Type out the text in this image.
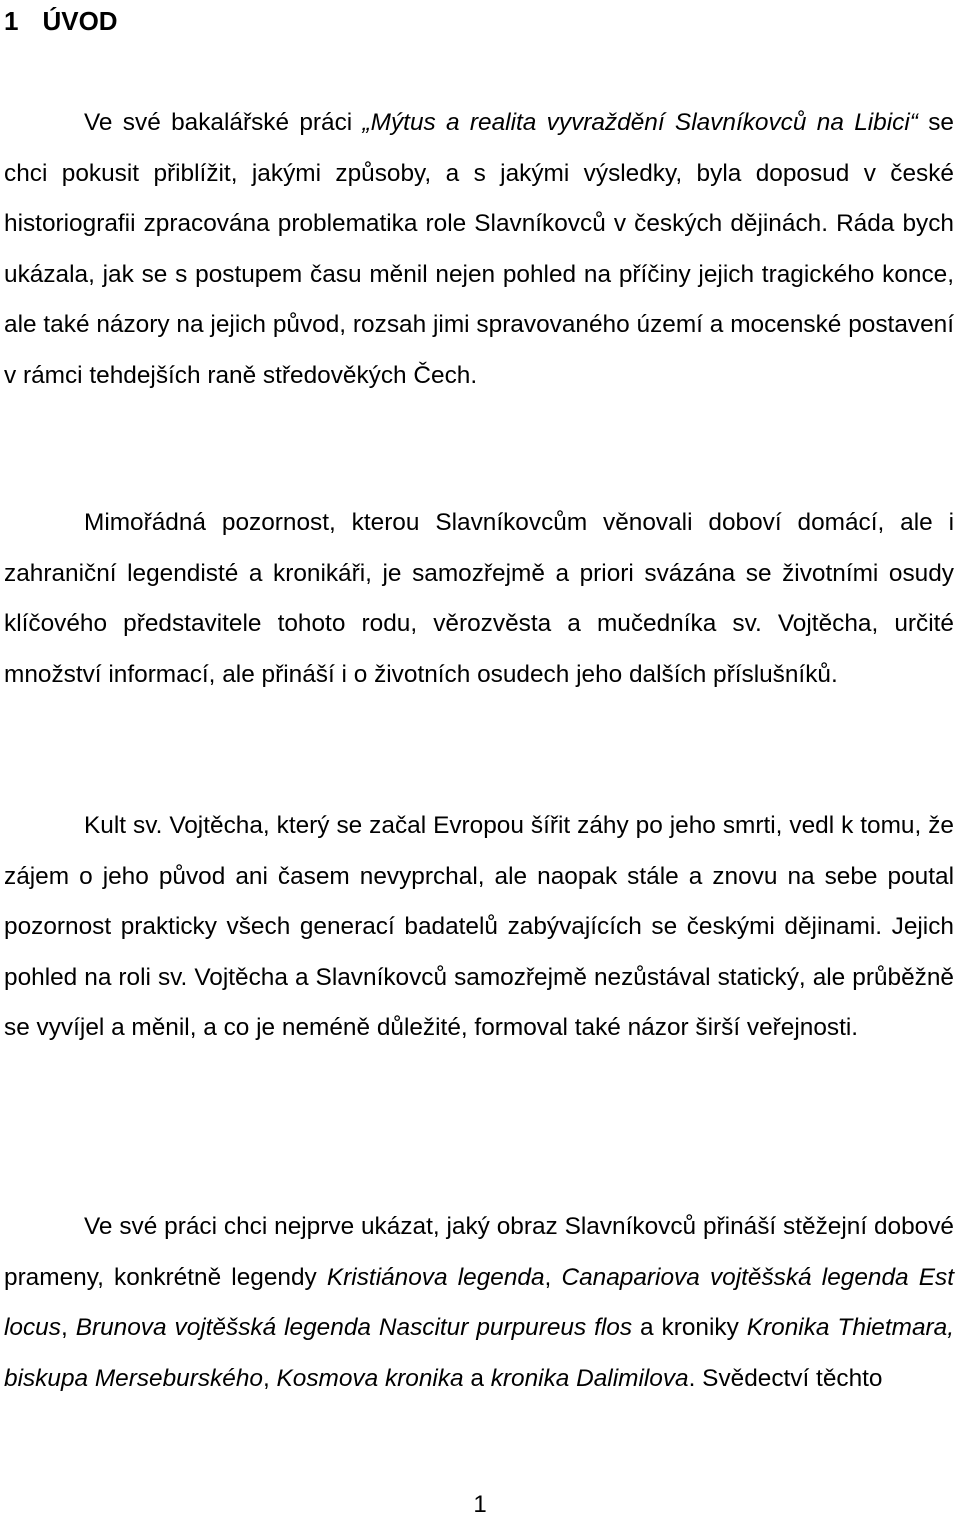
1 ÚVOD

Ve své bakalářské práci „Mýtus a realita vyvraždění Slavníkovců na Libici“ se chci pokusit přiblížit, jakými způsoby, a s jakými výsledky, byla doposud v české historiografii zpracována problematika role Slavníkovců v českých dějinách. Ráda bych ukázala, jak se s postupem času měnil nejen pohled na příčiny jejich tragického konce, ale také názory na jejich původ, rozsah jimi spravovaného území a mocenské postavení v rámci tehdejších raně středověkých Čech.

Mimořádná pozornost, kterou Slavníkovcům věnovali doboví domácí, ale i zahraniční legendisté a kronikáři, je samozřejmě a priori svázána se životními osudy klíčového představitele tohoto rodu, věrozvěsta a mučedníka sv. Vojtěcha, určité množství informací, ale přináší i o životních osudech jeho dalších příslušníků.

Kult sv. Vojtěcha, který se začal Evropou šířit záhy po jeho smrti, vedl k tomu, že zájem o jeho původ ani časem nevyprchal, ale naopak stále a znovu na sebe poutal pozornost prakticky všech generací badatelů zabývajících se českými dějinami. Jejich pohled na roli sv. Vojtěcha a Slavníkovců samozřejmě nezůstával statický, ale průběžně se vyvíjel a měnil, a co je neméně důležité, formoval také názor širší veřejnosti.

Ve své práci chci nejprve ukázat, jaký obraz Slavníkovců přináší stěžejní dobové prameny, konkrétně legendy Kristiánova legenda, Canapariova vojtěšská legenda Est locus, Brunova vojtěšská legenda Nascitur purpureus flos a kroniky Kronika Thietmara, biskupa Merseburského, Kosmova kronika a kronika Dalimilova. Svědectví těchto

1
